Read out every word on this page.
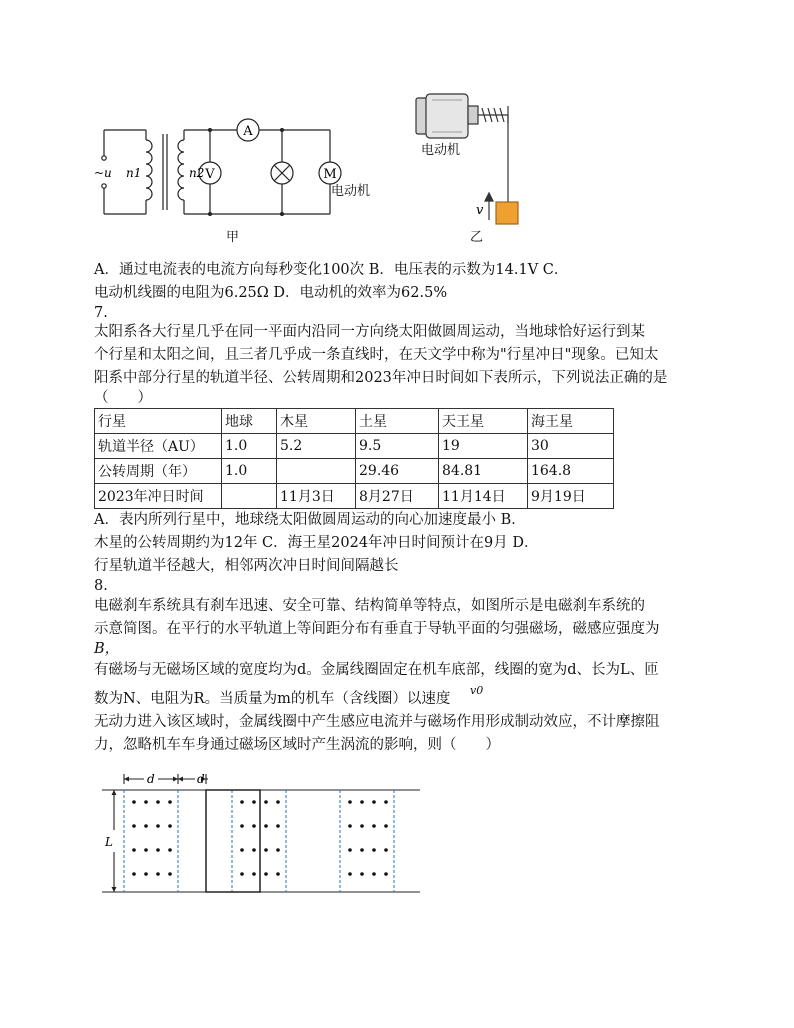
A
V	M
~u n1	n2
电动机
甲
v
电动机
乙
A．通过电流表的电流方向每秒变化100次 B．电压表的示数为14.1V C．
电动机线圈的电阻为6.25Ω D．电动机的效率为62.5%
7.
太阳系各大行星几乎在同一平面内沿同一方向绕太阳做圆周运动，当地球恰好运行到某
个行星和太阳之间，且三者几乎成一条直线时，在天文学中称为"行星冲日"现象。已知太
阳系中部分行星的轨道半径、公转周期和2023年冲日时间如下表所示，下列说法正确的是
（　　）
行星	地球	木星	土星	天王星	海王星
轨道半径（AU）	1.0	5.2	9.5	19	30
公转周期（年）	1.0		29.46	84.81	164.8
2023年冲日时间		11月3日	8月27日	11月14日	9月19日
A．表内所列行星中，地球绕太阳做圆周运动的向心加速度最小 B．
木星的公转周期约为12年 C．海王星2024年冲日时间预计在9月 D．
行星轨道半径越大，相邻两次冲日时间间隔越长
8.
电磁刹车系统具有刹车迅速、安全可靠、结构简单等特点，如图所示是电磁刹车系统的
示意简图。在平行的水平轨道上等间距分布有垂直于导轨平面的匀强磁场，磁感应强度为
B，
有磁场与无磁场区域的宽度均为d。金属线圈固定在机车底部，线圈的宽为d、长为L、匝
数为N、电阻为R。当质量为m的机车（含线圈）以速度
v0
无动力进入该区域时，金属线圈中产生感应电流并与磁场作用形成制动效应，不计摩擦阻
力，忽略机车车身通过磁场区域时产生涡流的影响，则（　　）
d	d
L
